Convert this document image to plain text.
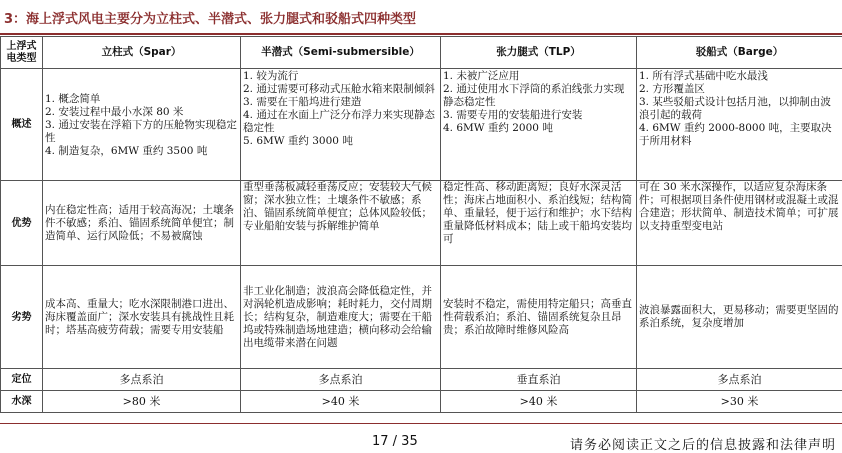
3：海上浮式风电主要分为立柱式、半潜式、张力腿式和驳船式四种类型
上浮式电类型	立柱式（Spar）	半潜式（Semi-submersible）	张力腿式（TLP）	驳船式（Barge）
概述	1. 概念简单
2. 安装过程中最小水深 80 米
3. 通过安装在浮箱下方的压舱物实现稳定性
4. 制造复杂，6MW 重约 3500 吨	1. 较为流行
2. 通过需要可移动式压舱水箱来限制倾斜
3. 需要在干船坞进行建造
4. 通过在水面上广泛分布浮力来实现静态稳定性
5. 6MW 重约 3000 吨	1. 未被广泛应用
2. 通过使用水下浮筒的系泊线张力实现静态稳定性
3. 需要专用的安装船进行安装
4. 6MW 重约 2000 吨	1. 所有浮式基础中吃水最浅
2. 方形覆盖区
3. 某些驳船式设计包括月池，以抑制由波浪引起的载荷
4. 6MW 重约 2000-8000 吨，主要取决于所用材料

优势	内在稳定性高；适用于较高海况；土壤条件不敏感；系泊、锚固系统简单便宜；制造简单、运行风险低；不易被腐蚀	重型垂荡板减轻垂荡反应；安装较大气候窗；深水独立性；土壤条件不敏感；系泊、锚固系统简单便宜；总体风险较低；专业船舶安装与拆解维护简单	稳定性高、移动距离短；良好水深灵活性；海床占地面积小、系泊线短；结构简单、重量轻，便于运行和维护；水下结构重量降低材料成本；陆上或干船坞安装均可	可在 30 米水深操作，以适应复杂海床条件；可根据项目条件使用钢材或混凝土或混合建造；形状简单、制造技术简单；可扩展以支持重型变电站
劣势	成本高、重量大；吃水深限制港口进出、海床覆盖面广；深水安装具有挑战性且耗时；塔基高疲劳荷载；需要专用安装船	非工业化制造；波浪高会降低稳定性，并对涡轮机造成影响；耗时耗力，交付周期长；结构复杂，制造难度大；需要在干船坞或特殊制造场地建造；横向移动会给输出电缆带来潜在问题	安装时不稳定，需使用特定船只；高垂直性荷载系泊；系泊、锚固系统复杂且昂贵；系泊故障时维修风险高	波浪暴露面积大，更易移动；需要更坚固的系泊系统，复杂度增加
定位	多点系泊	多点系泊	垂直系泊	多点系泊
水深	>80 米	>40 米	>40 米	>30 米
17 / 35	请务必阅读正文之后的信息披露和法律声明
